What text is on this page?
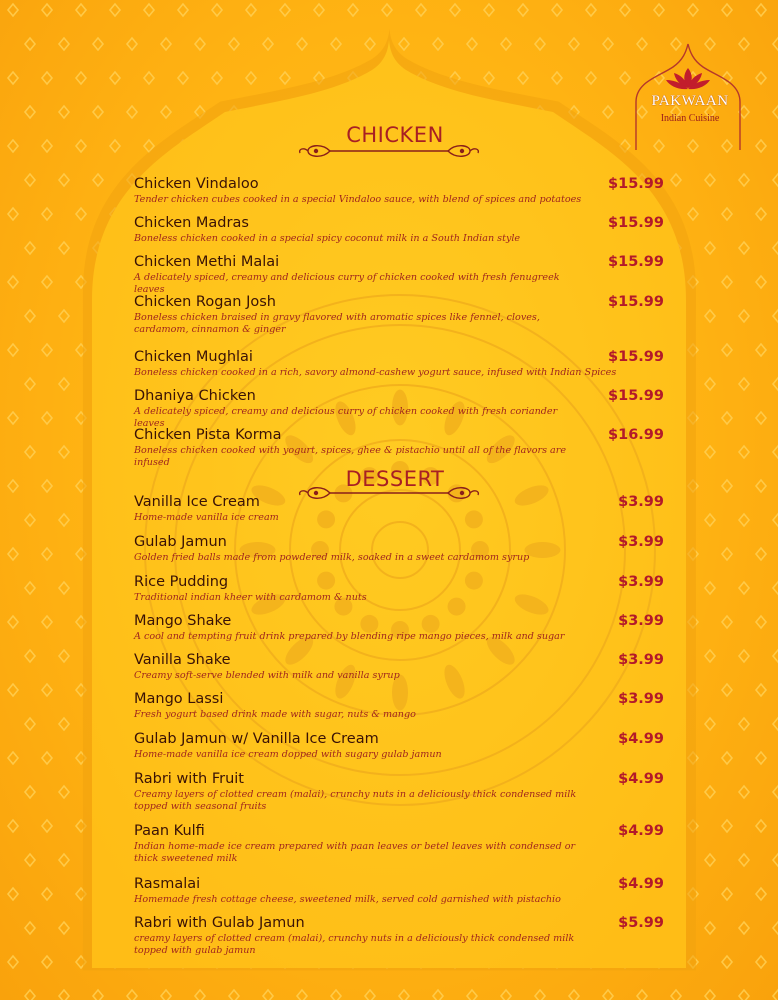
PAKWAAN
Indian Cuisine
CHICKEN
Chicken Vindaloo
Tender chicken cubes cooked in a special Vindaloo sauce, with blend of spices and potatoes
$15.99
Chicken Madras
Boneless chicken cooked in a special spicy coconut milk in a South Indian style
$15.99
Chicken Methi Malai
A delicately spiced, creamy and delicious curry of chicken cooked with fresh fenugreek leaves
$15.99
Chicken Rogan Josh
Boneless chicken braised in gravy flavored with aromatic spices like fennel, cloves, cardamom, cinnamon & ginger
$15.99
Chicken Mughlai
Boneless chicken cooked in a rich, savory almond-cashew yogurt sauce, infused with Indian Spices
$15.99
Dhaniya Chicken
A delicately spiced, creamy and delicious curry of chicken cooked with fresh coriander leaves
$15.99
Chicken Pista Korma
Boneless chicken cooked with yogurt, spices, ghee & pistachio until all of the flavors are infused
$16.99
DESSERT
Vanilla Ice Cream
Home-made vanilla ice cream
$3.99
Gulab Jamun
Golden fried balls made from powdered milk, soaked in a sweet cardamom syrup
$3.99
Rice Pudding
Traditional indian kheer with cardamom & nuts
$3.99
Mango Shake
A cool and tempting fruit drink prepared by blending ripe mango pieces, milk and sugar
$3.99
Vanilla Shake
Creamy soft-serve blended with milk and vanilla syrup
$3.99
Mango Lassi
Fresh yogurt based drink made with sugar, nuts & mango
$3.99
Gulab Jamun w/ Vanilla Ice Cream
Home-made vanilla ice cream dopped with sugary gulab jamun
$4.99
Rabri with Fruit
Creamy layers of clotted cream (malai), crunchy nuts in a deliciously thick condensed milk topped with seasonal fruits
$4.99
Paan Kulfi
Indian home-made ice cream prepared with paan leaves or betel leaves with condensed or thick sweetened milk
$4.99
Rasmalai
Homemade fresh cottage cheese, sweetened milk, served cold garnished with pistachio
$4.99
Rabri with Gulab Jamun
creamy layers of clotted cream (malai), crunchy nuts in a deliciously thick condensed milk topped with gulab jamun
$5.99
